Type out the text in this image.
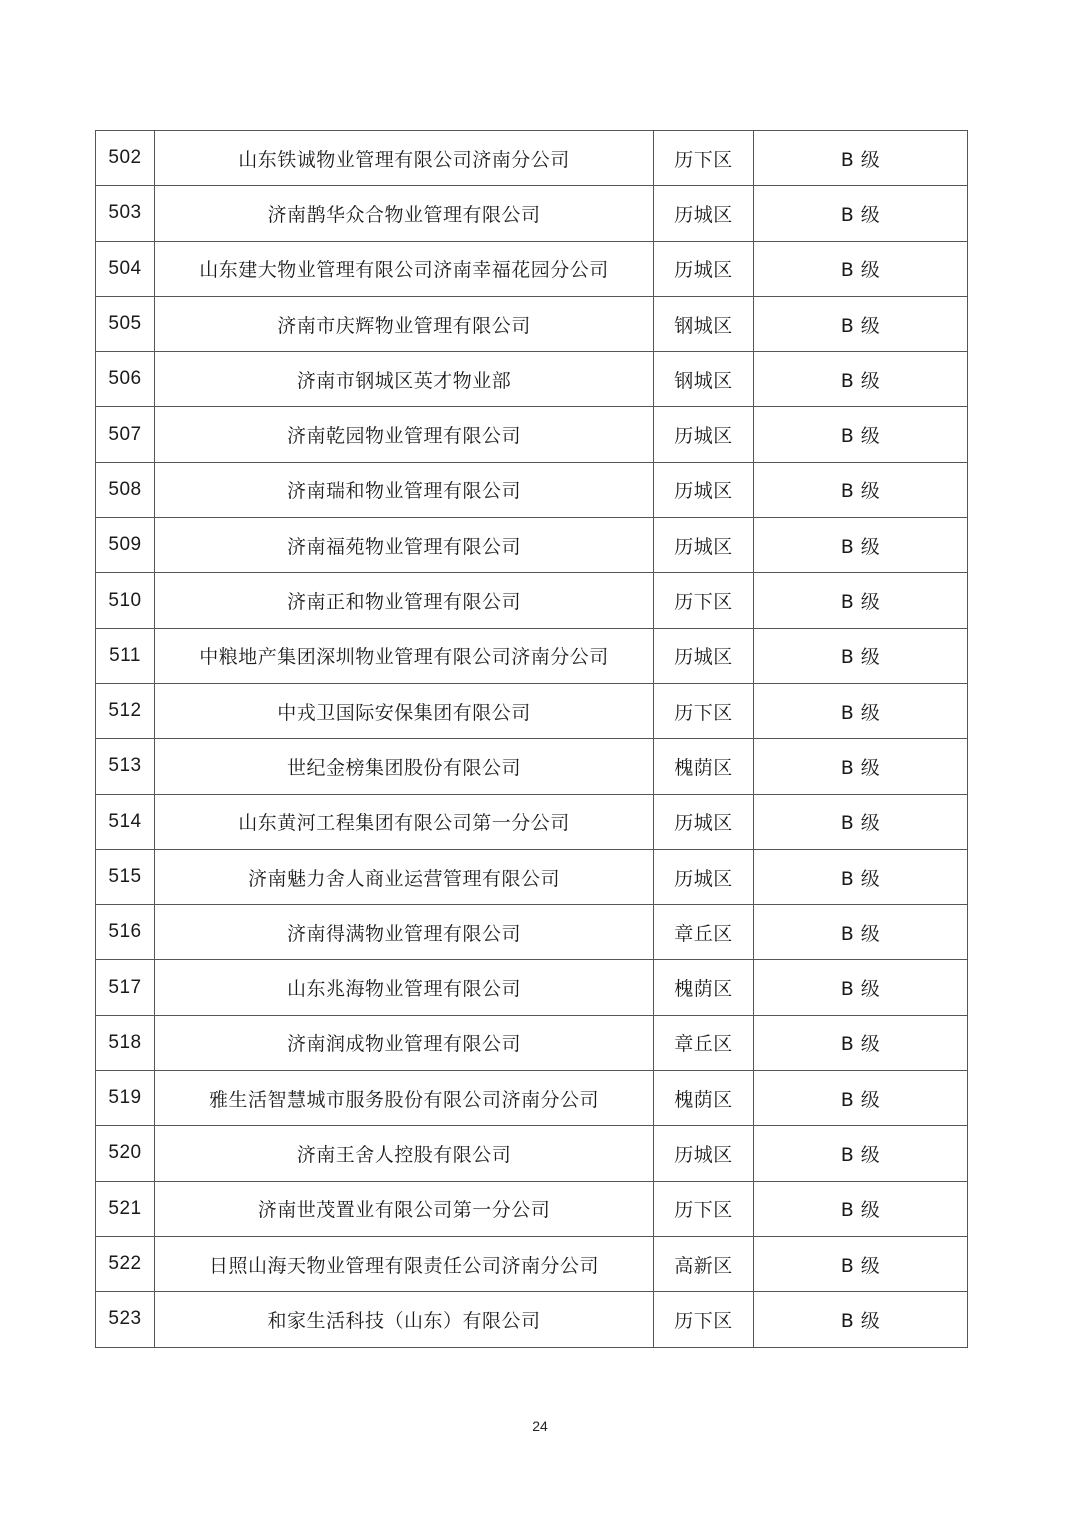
502	山东铁诚物业管理有限公司济南分公司	历下区	B 级
503	济南鹊华众合物业管理有限公司	历城区	B 级
504	山东建大物业管理有限公司济南幸福花园分公司	历城区	B 级
505	济南市庆辉物业管理有限公司	钢城区	B 级
506	济南市钢城区英才物业部	钢城区	B 级
507	济南乾园物业管理有限公司	历城区	B 级
508	济南瑞和物业管理有限公司	历城区	B 级
509	济南福苑物业管理有限公司	历城区	B 级
510	济南正和物业管理有限公司	历下区	B 级
511	中粮地产集团深圳物业管理有限公司济南分公司	历城区	B 级
512	中戎卫国际安保集团有限公司	历下区	B 级
513	世纪金榜集团股份有限公司	槐荫区	B 级
514	山东黄河工程集团有限公司第一分公司	历城区	B 级
515	济南魅力舍人商业运营管理有限公司	历城区	B 级
516	济南得满物业管理有限公司	章丘区	B 级
517	山东兆海物业管理有限公司	槐荫区	B 级
518	济南润成物业管理有限公司	章丘区	B 级
519	雅生活智慧城市服务股份有限公司济南分公司	槐荫区	B 级
520	济南王舍人控股有限公司	历城区	B 级
521	济南世茂置业有限公司第一分公司	历下区	B 级
522	日照山海天物业管理有限责任公司济南分公司	高新区	B 级
523	和家生活科技（山东）有限公司	历下区	B 级
24
